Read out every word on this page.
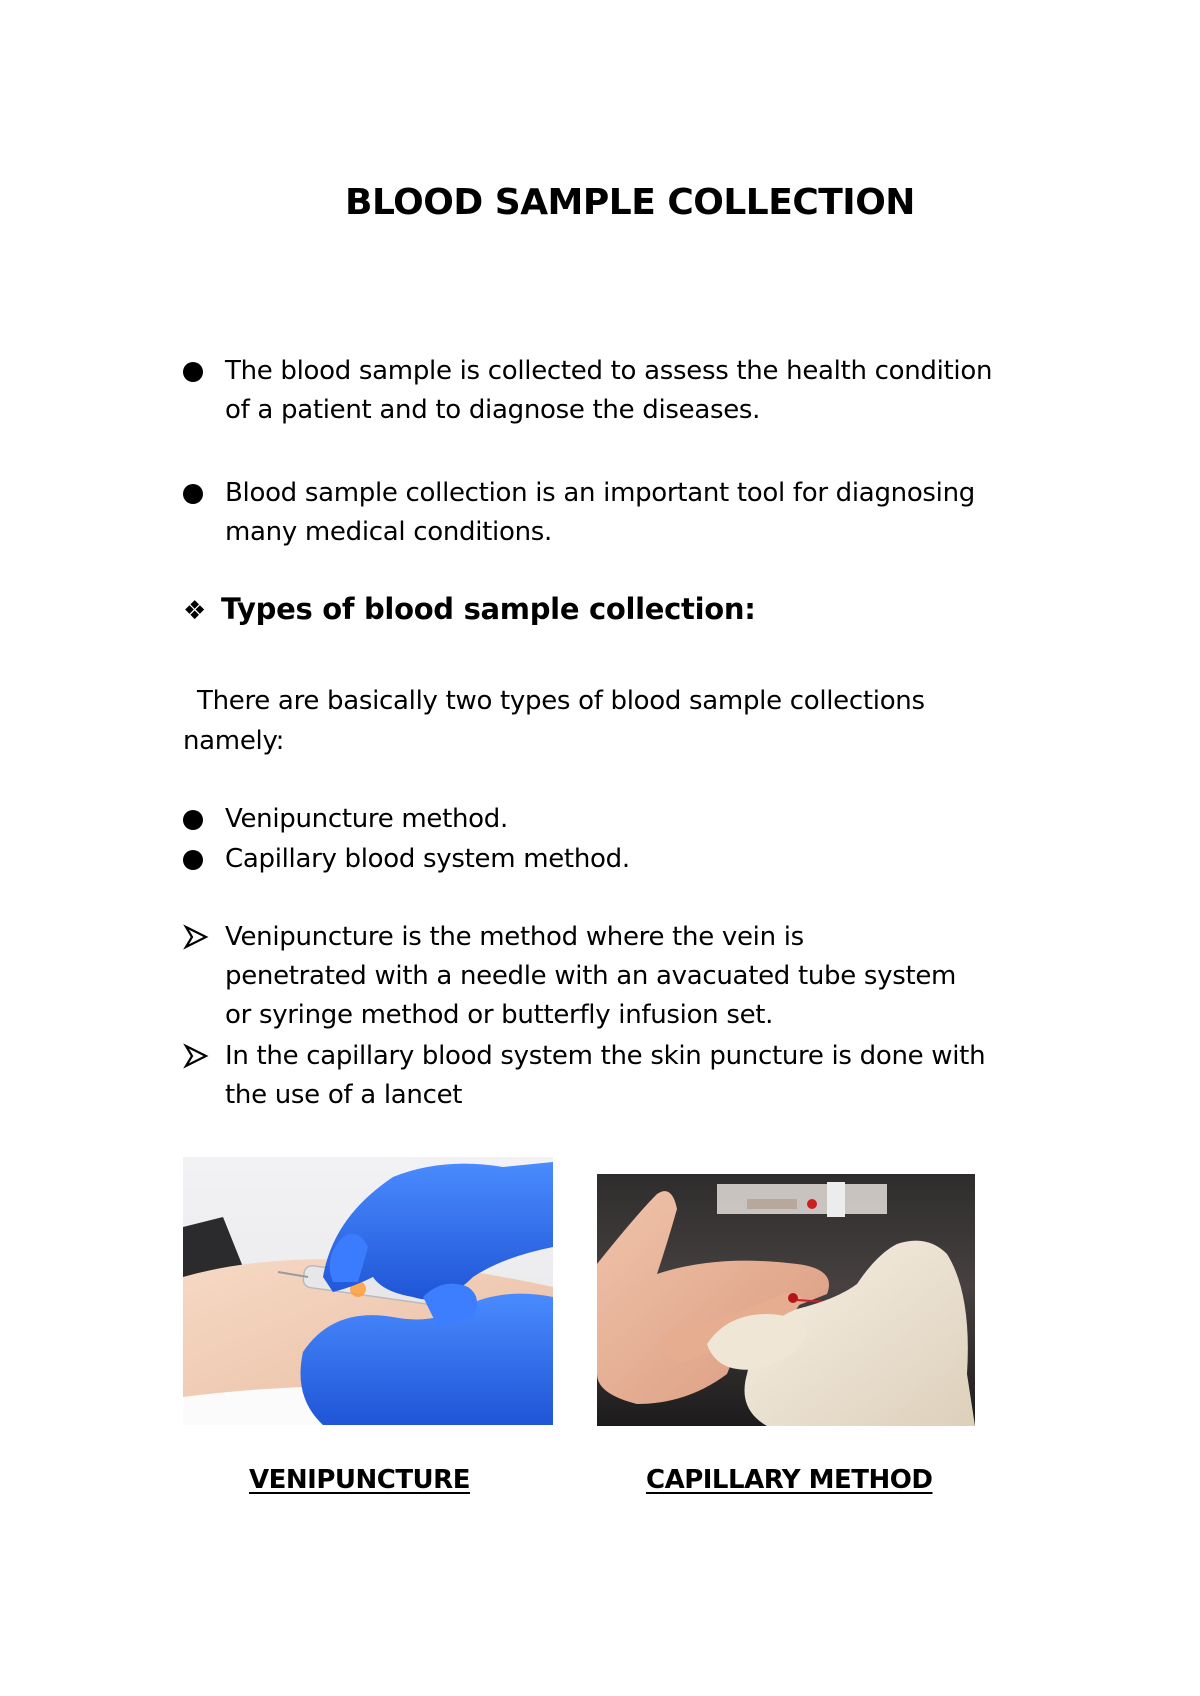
BLOOD SAMPLE COLLECTION
The blood sample is collected to assess the health condition
of a patient and to diagnose the diseases.
Blood sample collection is an important tool for diagnosing
many medical conditions.
❖ Types of blood sample collection:
There are basically two types of blood sample collections
namely:
Venipuncture method.
Capillary blood system method.
Venipuncture is the method where the vein is
penetrated with a needle with an avacuated tube system
or syringe method or butterfly infusion set.
In the capillary blood system the skin puncture is done with
the use of a lancet
VENIPUNCTURE	CAPILLARY METHOD
